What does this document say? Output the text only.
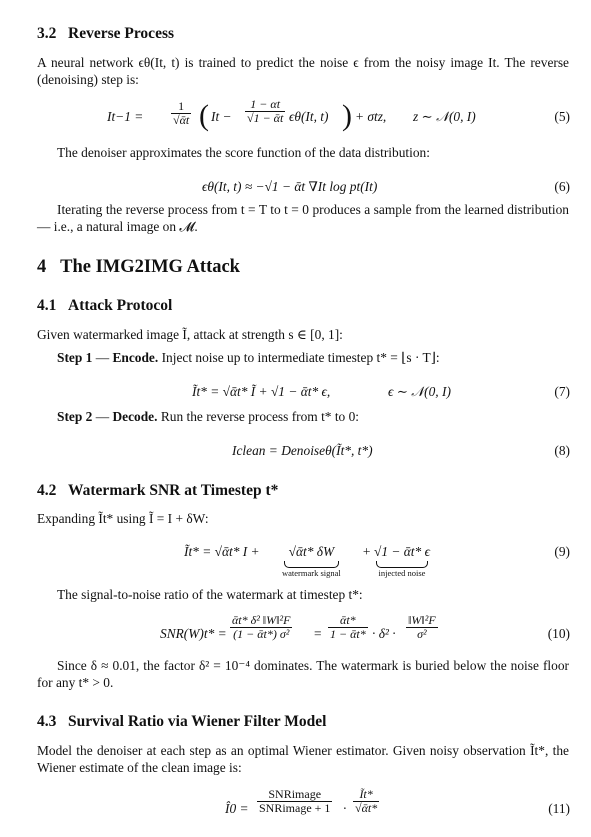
3.2 Reverse Process
A neural network ϵθ(It, t) is trained to predict the noise ϵ from the noisy image It. The reverse (denoising) step is:
$It-1 = \frac{1}{\text{√ᾱt}}$ ( $It - \frac{1 - \alpha t}{\text{√1 − ᾱt}} \epsilon\theta(It$, t) ) + σtz, z ∼ 𝒩(0, I)	(5)
The denoiser approximates the score function of the data distribution:
ϵθ(It, t) ≈ −√1 − ᾱt ∇It log pt(It)	(6)
Iterating the reverse process from t = T to t = 0 produces a sample from the learned distribution — i.e., a natural image on 𝓜.
4 The IMG2IMG Attack
4.1 Attack Protocol
Given watermarked image Ĩ, attack at strength s ∈ [0, 1]:
Step 1 — Encode. Inject noise up to intermediate timestep t* = ⌊s · T⌋:
Ĩt* = √ᾱt* Ĩ + √1 − ᾱt* ϵ,	ϵ ∼ 𝒩(0, I)	(7)
Step 2 — Decode. Run the reverse process from t* to 0:
Iclean = Denoiseθ(Ĩt*, t*)	(8)
4.2 Watermark SNR at Timestep t*
Expanding Ĩt* using Ĩ = I + δW:
Ĩt* = √ᾱt* I +	√ᾱt* δW
watermark signal
+ √1 − ᾱt* ϵ
injected noise
(9)
The signal-to-noise ratio of the watermark at timestep t*:
$SNR(W)t* = \frac{\text{ᾱt* δ² ‖W‖²F}}{\text{(1 − ᾱt*) σ²}} = \frac{\text{ᾱt*}}{\text{1 − ᾱt*}} \cdot \delta^2 \cdot \frac{\text{‖W‖²F}}{\text{σ²}}$	(10)
Since δ ≈ 0.01, the factor δ² = 10⁻⁴ dominates. The watermark is buried below the noise floor for any t* > 0.
4.3 Survival Ratio via Wiener Filter Model
Model the denoiser at each step as an optimal Wiener estimator. Given noisy observation Ĩt*, the Wiener estimate of the clean image is:
Î0 =
SNRimage
SNRimage + $1 \cdot \frac{Ĩt*}{\text{√ᾱt*}}$	(11)
